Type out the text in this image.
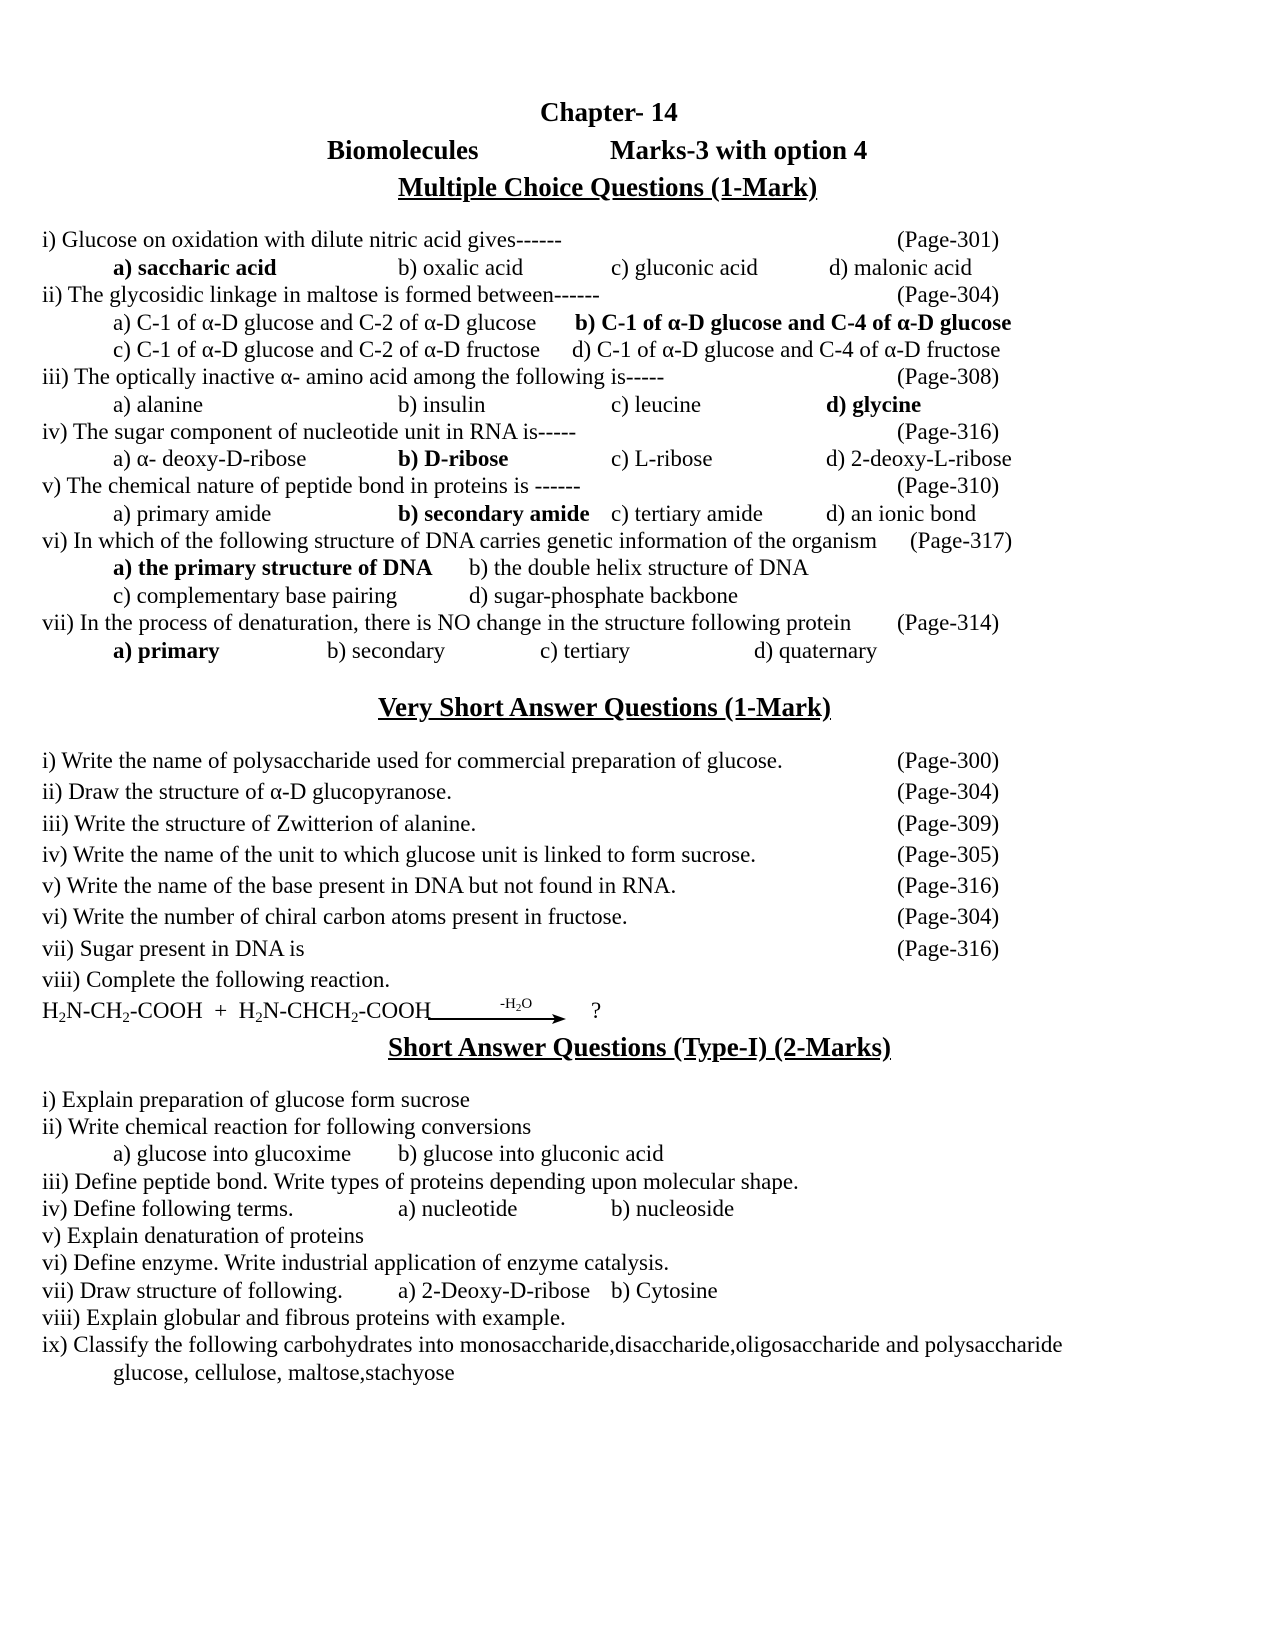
Chapter- 14
Biomolecules	Marks-3 with option 4
Multiple Choice Questions (1-Mark)
i) Glucose on oxidation with dilute nitric acid gives------	(Page-301)
a) saccharic acid	b) oxalic acid	c) gluconic acid	d) malonic acid
ii) The glycosidic linkage in maltose is formed between------	(Page-304)
a) C-1 of α-D glucose and C-2 of α-D glucose b) C-1 of α-D glucose and C-4 of α-D glucose
c) C-1 of α-D glucose and C-2 of α-D fructose d) C-1 of α-D glucose and C-4 of α-D fructose
iii) The optically inactive α- amino acid among the following is-----	(Page-308)
a) alanine	b) insulin	c) leucine	d) glycine
iv) The sugar component of nucleotide unit in RNA is-----	(Page-316)
a) α- deoxy-D-ribose	b) D-ribose	c) L-ribose	d) 2-deoxy-L-ribose
v) The chemical nature of peptide bond in proteins is ------	(Page-310)
a) primary amide	b) secondary amide c) tertiary amide	d) an ionic bond
vi) In which of the following structure of DNA carries genetic information of the organism (Page-317)
a) the primary structure of DNA b) the double helix structure of DNA
c) complementary base pairing	d) sugar-phosphate backbone
vii) In the process of denaturation, there is NO change in the structure following protein (Page-314)
a) primary	b) secondary	c) tertiary	d) quaternary
Very Short Answer Questions (1-Mark)
i) Write the name of polysaccharide used for commercial preparation of glucose.	(Page-300)
ii) Draw the structure of α-D glucopyranose.	(Page-304)
iii) Write the structure of Zwitterion of alanine.	(Page-309)
iv) Write the name of the unit to which glucose unit is linked to form sucrose.	(Page-305)
v) Write the name of the base present in DNA but not found in RNA.	(Page-316)
vi) Write the number of chiral carbon atoms present in fructose.	(Page-304)
vii) Sugar present in DNA is	(Page-316)
viii) Complete the following reaction.
$H_2N-CH_2$-COOH  +  $H_2N-CHCH_2$-COOH	$-H_2O$	?
Short Answer Questions (Type-I) (2-Marks)
i) Explain preparation of glucose form sucrose
ii) Write chemical reaction for following conversions
a) glucose into glucoxime b) glucose into gluconic acid
iii) Define peptide bond. Write types of proteins depending upon molecular shape.
iv) Define following terms.	a) nucleotide	b) nucleoside
v) Explain denaturation of proteins
vi) Define enzyme. Write industrial application of enzyme catalysis.
vii) Draw structure of following. a) 2-Deoxy-D-ribose b) Cytosine
viii) Explain globular and fibrous proteins with example.
ix) Classify the following carbohydrates into monosaccharide,disaccharide,oligosaccharide and polysaccharide
glucose, cellulose, maltose,stachyose
